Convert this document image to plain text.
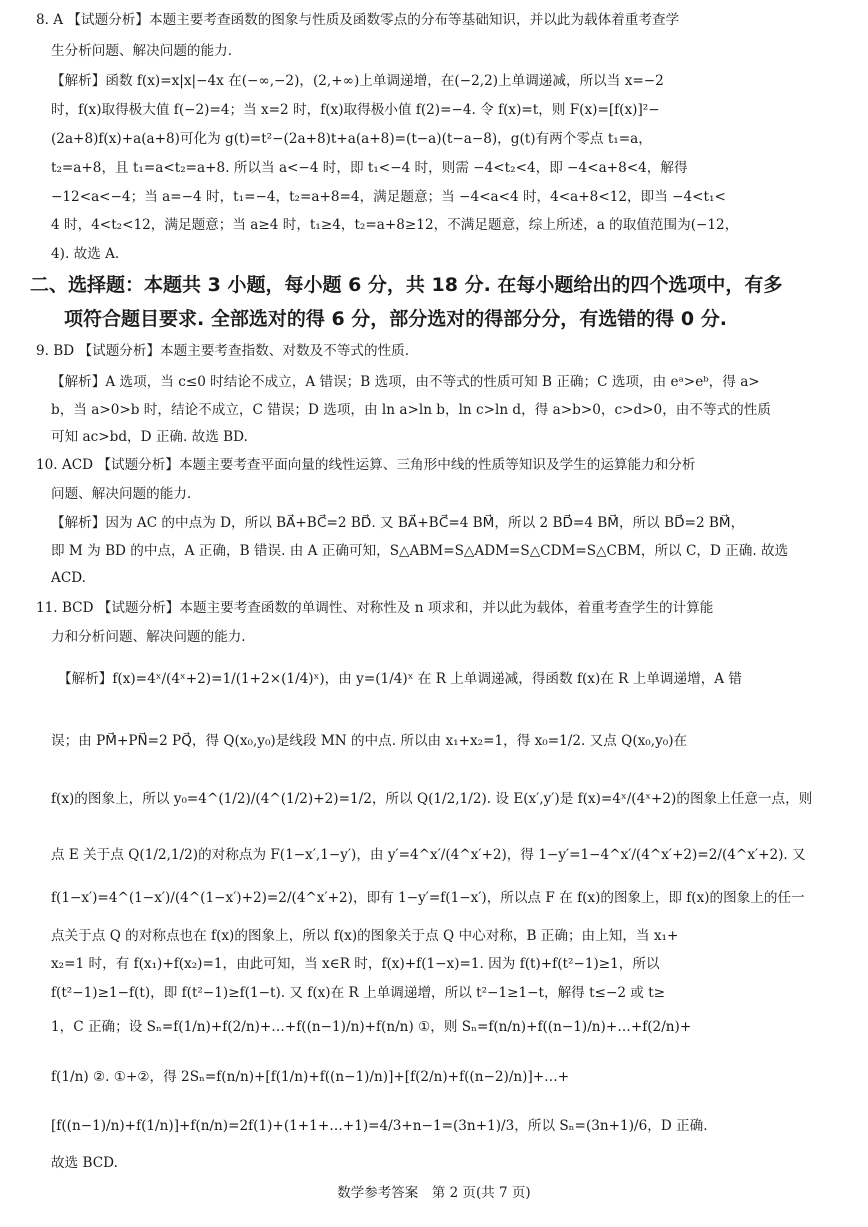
8. A 【试题分析】本题主要考查函数的图象与性质及函数零点的分布等基础知识，并以此为载体着重考查学
生分析问题、解决问题的能力.
【解析】函数 f(x)=x|x|−4x 在(−∞,−2)，(2,+∞)上单调递增，在(−2,2)上单调递减，所以当 x=−2
时，f(x)取得极大值 f(−2)=4；当 x=2 时，f(x)取得极小值 f(2)=−4. 令 f(x)=t，则 F(x)=[f(x)]²−
(2a+8)f(x)+a(a+8)可化为 g(t)=t²−(2a+8)t+a(a+8)=(t−a)(t−a−8)，g(t)有两个零点 t₁=a，
t₂=a+8，且 t₁=a<t₂=a+8. 所以当 a<−4 时，即 t₁<−4 时，则需 −4<t₂<4，即 −4<a+8<4，解得
−12<a<−4；当 a=−4 时，t₁=−4，t₂=a+8=4，满足题意；当 −4<a<4 时，4<a+8<12，即当 −4<t₁<
4 时，4<t₂<12，满足题意；当 a≥4 时，t₁≥4，t₂=a+8≥12，不满足题意，综上所述，a 的取值范围为(−12，
4). 故选 A.
二、选择题：本题共 3 小题，每小题 6 分，共 18 分. 在每小题给出的四个选项中，有多
项符合题目要求. 全部选对的得 6 分，部分选对的得部分分，有选错的得 0 分.
9. BD 【试题分析】本题主要考查指数、对数及不等式的性质.
【解析】A 选项，当 c≤0 时结论不成立，A 错误；B 选项，由不等式的性质可知 B 正确；C 选项，由 eᵃ>eᵇ，得 a>
b，当 a>0>b 时，结论不成立，C 错误；D 选项，由 ln a>ln b，ln c>ln d，得 a>b>0，c>d>0，由不等式的性质
可知 ac>bd，D 正确. 故选 BD.
10. ACD 【试题分析】本题主要考查平面向量的线性运算、三角形中线的性质等知识及学生的运算能力和分析
问题、解决问题的能力.
【解析】因为 AC 的中点为 D，所以 BA⃗+BC⃗=2 BD⃗. 又 BA⃗+BC⃗=4 BM⃗，所以 2 BD⃗=4 BM⃗，所以 BD⃗=2 BM⃗，
即 M 为 BD 的中点，A 正确，B 错误. 由 A 正确可知，S△ABM=S△ADM=S△CDM=S△CBM，所以 C，D 正确. 故选
ACD.
11. BCD 【试题分析】本题主要考查函数的单调性、对称性及 n 项求和，并以此为载体，着重考查学生的计算能
力和分析问题、解决问题的能力.
【解析】f(x)=4ˣ/(4ˣ+2)=1/(1+2×(1/4)ˣ)，由 y=(1/4)ˣ 在 R 上单调递减，得函数 f(x)在 R 上单调递增，A 错
误；由 PM⃗+PN⃗=2 PQ⃗，得 Q(x₀,y₀)是线段 MN 的中点. 所以由 x₁+x₂=1，得 x₀=1/2. 又点 Q(x₀,y₀)在
f(x)的图象上，所以 y₀=4^(1/2)/(4^(1/2)+2)=1/2，所以 Q(1/2,1/2). 设 E(x′,y′)是 f(x)=4ˣ/(4ˣ+2)的图象上任意一点，则
点 E 关于点 Q(1/2,1/2)的对称点为 F(1−x′,1−y′)，由 y′=4^x′/(4^x′+2)，得 1−y′=1−4^x′/(4^x′+2)=2/(4^x′+2). 又
f(1−x′)=4^(1−x′)/(4^(1−x′)+2)=2/(4^x′+2)，即有 1−y′=f(1−x′)，所以点 F 在 f(x)的图象上，即 f(x)的图象上的任一
点关于点 Q 的对称点也在 f(x)的图象上，所以 f(x)的图象关于点 Q 中心对称，B 正确；由上知，当 x₁+
x₂=1 时，有 f(x₁)+f(x₂)=1，由此可知，当 x∈R 时，f(x)+f(1−x)=1. 因为 f(t)+f(t²−1)≥1，所以
f(t²−1)≥1−f(t)，即 f(t²−1)≥f(1−t). 又 f(x)在 R 上单调递增，所以 t²−1≥1−t，解得 t≤−2 或 t≥
1，C 正确；设 Sₙ=f(1/n)+f(2/n)+…+f((n−1)/n)+f(n/n) ①，则 Sₙ=f(n/n)+f((n−1)/n)+…+f(2/n)+
f(1/n) ②. ①+②，得 2Sₙ=f(n/n)+[f(1/n)+f((n−1)/n)]+[f(2/n)+f((n−2)/n)]+…+
[f((n−1)/n)+f(1/n)]+f(n/n)=2f(1)+(1+1+…+1)=4/3+n−1=(3n+1)/3，所以 Sₙ=(3n+1)/6，D 正确.
故选 BCD.
数学参考答案　第 2 页(共 7 页)
